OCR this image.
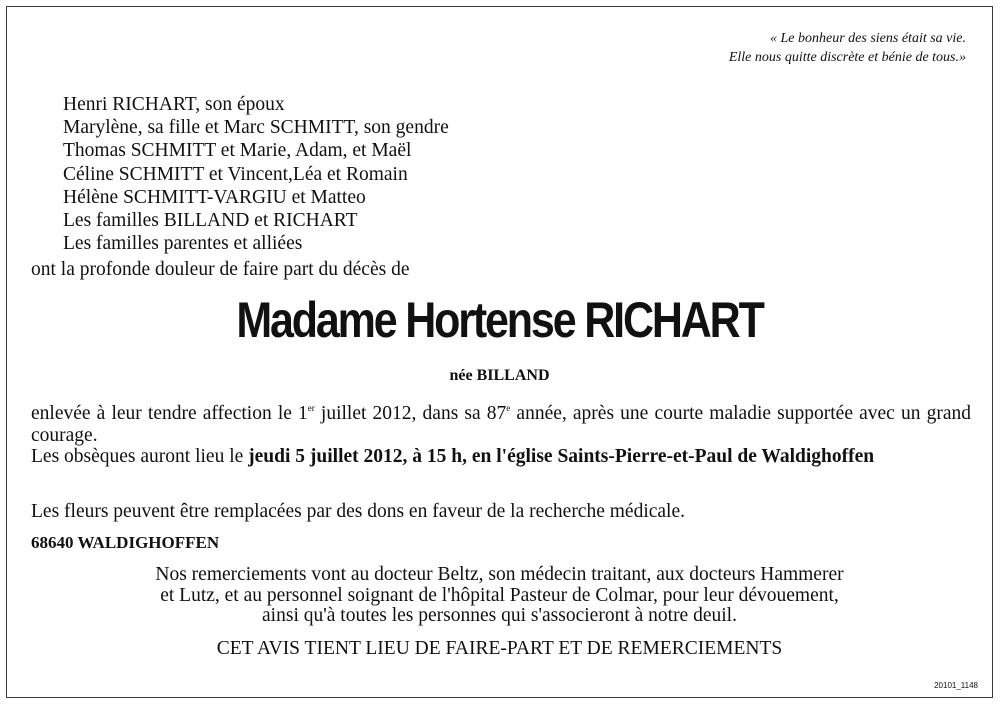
« Le bonheur des siens était sa vie.
Elle nous quitte discrète et bénie de tous.»
Henri RICHART, son époux
Marylène, sa fille et Marc SCHMITT, son gendre
Thomas SCHMITT et Marie, Adam, et Maël
Céline SCHMITT et Vincent,Léa et Romain
Hélène SCHMITT-VARGIU et Matteo
Les familles BILLAND et RICHART
Les familles parentes et alliées
ont la profonde douleur de faire part du décès de
Madame Hortense RICHART
née BILLAND
enlevée à leur tendre affection le 1er juillet 2012, dans sa 87e année, après une courte maladie supportée avec un grand courage.
Les obsèques auront lieu le jeudi 5 juillet 2012, à 15 h, en l'église Saints-Pierre-et-Paul de Waldighoffen
Les fleurs peuvent être remplacées par des dons en faveur de la recherche médicale.
68640 WALDIGHOFFEN
Nos remerciements vont au docteur Beltz, son médecin traitant, aux docteurs Hammerer
et Lutz, et au personnel soignant de l'hôpital Pasteur de Colmar, pour leur dévouement,
ainsi qu'à toutes les personnes qui s'associeront à notre deuil.
CET AVIS TIENT LIEU DE FAIRE-PART ET DE REMERCIEMENTS
20101_1148
